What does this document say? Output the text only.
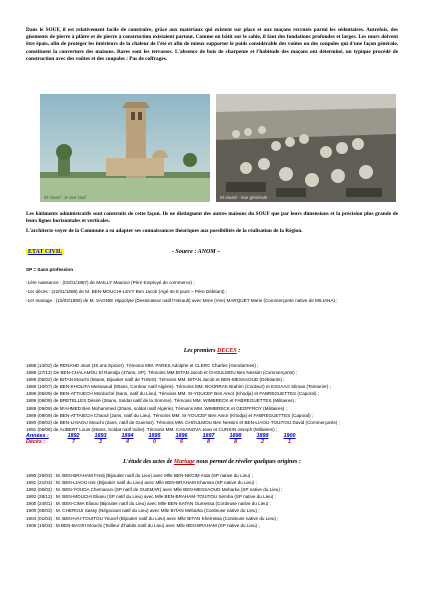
Dans le SOUF, il est relativement facile de construire, grâce aux matériaux qui existent sur place et aux maçons recrutés parmi les sédentaires. Autrefois, des gisements de pierre à plâtre et de pierre à construction existaient partout. Comme on bâtit sur le sable, il faut des fondations profondes et larges. Les murs doivent être épais, afin de protéger les intérieurs de la chaleur de l'été et afin de mieux supporter le poids considérable des voûtes ou des coupoles qui d'une façon générale, constituent la couverture des maisons. Rares sont les terrasses. L'absence de bois de charpente et l'habitude des maçons ont déterminé, un typique procédé de construction avec des voûtes et des coupoles : Pas de coffrages.

El-Oued - le Dar Diaf	El-Oued - Vue générale

Les bâtiments administratifs sont construits de cette façon. Ils ne distinguent des autres maisons du SOUF que par leurs dimensions et la précision plus grande de leurs lignes horizontales et verticales.

L'architecte voyer de la Commune a su adapter ses connaissances théoriques aux possibilités de la réalisation de la Région.

ETAT CIVIL	- Source : ANOM –
SP = Sans profession
-1ère naissance : (01/01/1887) de MAILLY Maurice (Père Employé de commerce) ;
-1er décès : (22/01/1888) de M. BEN-MOUCHI-LEVY Ben Jacob (Agé de 8 jours – Père Débitant) ;
-1er mariage : (15/02/1890) de M. SAGNIE Hippolyte (Dessinateur natif l'Hérault) avec Mme (Vve) MARQUET Marie (Commerçante native de MILIANA) ;
Les premiers DECES :
1888 (13/02) de RENAND Jean (40 ans Epicier). Témoins MM. PARES Adolphe et CLERC Charles (Gendarmes) ;
1888 (27/12) De BEN-CHALAMOU El Ramdja (47ans, SP). Témoins MM.BITAN Jacob et CHOULMOU Ben Nessim (Commerçants) ;
1889 (05/02) de BITAN Mouchi (66ans, Bijoutier natif de TUNIS). Témoins MM. BITAN Jacob et BEN-MESSAOUD (Débitants) ;
1889 (10/07) de BEN-KHOLIFA Messaoud (50ans, Cordeur natif Algérie). Témoins MM. BOURRAK Brahim (Cordeur) et ESSAAG Sliman (Teinturier) ;
1889 (05/09) de BEN-ATTAIECH Mordoché (5ans, natif du Lieu). Témoins MM. SI-YOUCEF Ben Amor (Khodja) et FABREGUETTES (Caporal) ;
1889 (09/09) de BRETELLES Désiré (26ans, Soldat natif de la Somme). Témoins MM. WIMBRECK et FABREGUETTES (Militaires) ;
1889 (09/09) de M'AHMED Ben Mohammed (20ans, soldat natif Algérie). Témoins MM. WIMBRECK et GEOFFROY (Militaires) ;
1889 (09/09) de BEN-ATTAIECH Chaoul (2ans, natif du Lieu). Témoins MM. SI-YOUCEF Ben Amor (Khodja) et FABREGUETTES (Caporal) ;
1890 (09/02) de BEN-LHIAOU Mouchi (2ans, natif de Guemar). Témoins MM. CHOULMOU Ben Nessim et BEN-LIAOU-TOUITOU David (Commerçants) ;
1891 (05/06) de AUBERT Louis (25ans, Soldat natif Indre). Témoins MM. CASANOVA Jean et CURSIN Joseph (Militaires) ;
Années :	1892	1893	1894	1895	1896	1897	1898	1899	1900
Décès :	7	3	4	0	6	8	8	2	1
L'étude des actes de Mariage nous permet de révéler quelques origines :
1890 (26/03) : M. BEN-BRAHAM Fredj (Bijoutier natif du Lieu) avec Mlle BEN-NECIM Aïda (SP native du Lieu) ;
1891 (21/03) : M. BEN-LIAOU Izer (Bijoutier natif du Lieu) avec Mlle BEN-BRAHAM Khamsa (SP native du Lieu) ;
1892 (06/02) : M. BEN-YOUDA Chemaoun (SP natif de GUEMAR) avec Mlle BEN-MESSAOUD Mebarka (SP native du Lieu) ;
1892 (28/12) : M. BEN-MOUCHI Eliaou (SP natif du Lieu) avec Mlle BEN-BRAHAM-TOUITOU Semha (SP native du Lieu) ;
1900 (24/01) : M. BEN-CIMA Eliaou (Bijoutier natif du Lieu) avec Mlle BEN-SATAN Oumessa (Cordeuse native du Lieu) ;
1900 (05/03) : M. CHERGUI Sassy (Négociant natif du Lieu) avec Mlle BITAN Mebarka (Cordeuse native du Lieu) ;
1904 (01/03) : M. BEN-HAI-TOUITOU Youcef (Bijoutier natif du Lieu) avec Mlle BITAN Khemissa (Cordeuse native du Lieu) ;
1905 (16/03) : M.BEN-BACRI Mouchi (Tailleur d'habits natif du Lieu) avec Mlle BEN-BRAHAM (SP native du Lieu) ;
